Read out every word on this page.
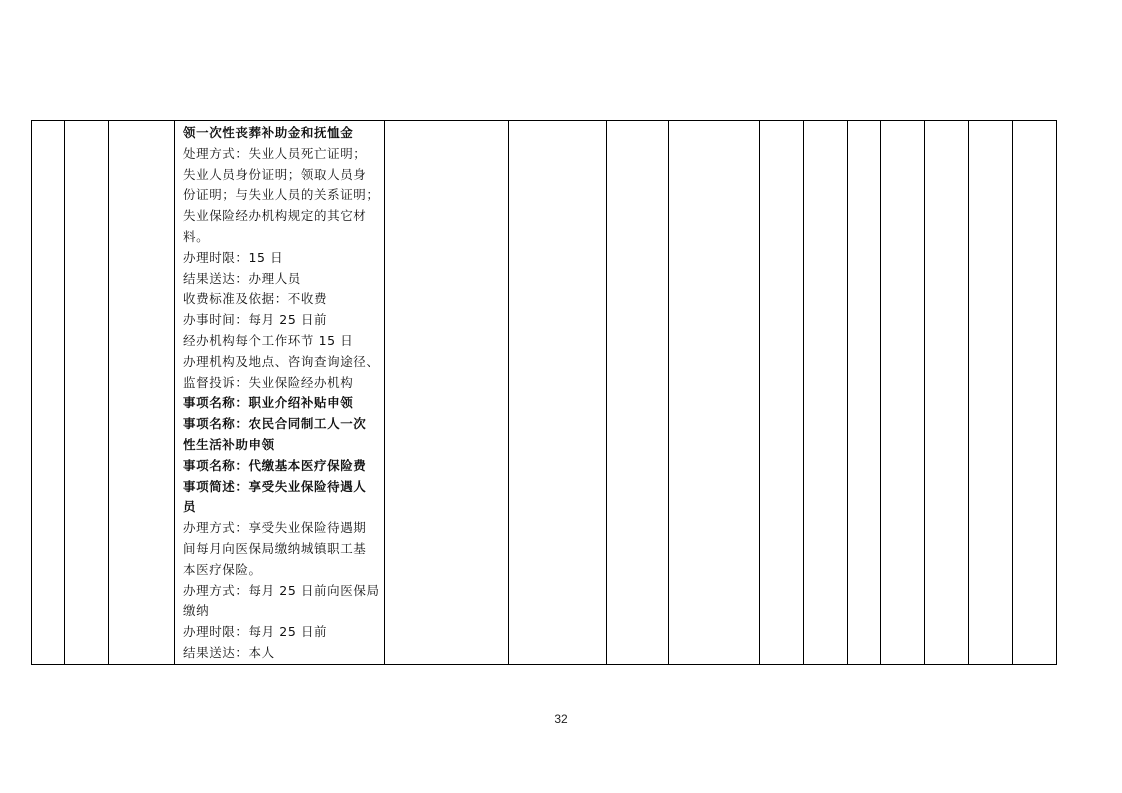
领一次性丧葬补助金和抚恤金
处理方式：失业人员死亡证明；
失业人员身份证明；领取人员身
份证明；与失业人员的关系证明；
失业保险经办机构规定的其它材
料。
办理时限：15 日
结果送达：办理人员
收费标准及依据：不收费
办事时间：每月 25 日前
经办机构每个工作环节 15 日
办理机构及地点、咨询查询途径、
监督投诉：失业保险经办机构
事项名称：职业介绍补贴申领
事项名称：农民合同制工人一次
性生活补助申领
事项名称：代缴基本医疗保险费
事项简述：享受失业保险待遇人
员
办理方式：享受失业保险待遇期
间每月向医保局缴纳城镇职工基
本医疗保险。
办理方式：每月 25 日前向医保局
缴纳
办理时限：每月 25 日前
结果送达：本人

32
